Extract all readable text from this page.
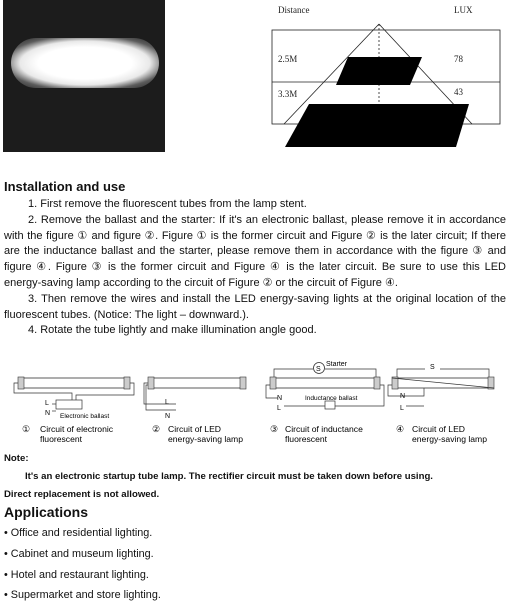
Distance	LUX
2.5M	78
3.3M	43
Installation and use

1. First remove the fluorescent tubes from the lamp stent.

2. Remove the ballast and the starter: If it's an electronic ballast, please remove it in accordance with the figure ① and figure ②. Figure ① is the former circuit and Figure ② is the later circuit; If there are the inductance ballast and the starter, please remove them in accordance with the figure ③ and figure ④. Figure ③ is the former circuit and Figure ④ is the later circuit. Be sure to use this LED energy-saving lamp according to the circuit of Figure ② or the circuit of Figure ④.

3. Then remove the wires and install the LED energy-saving lights at the original location of the fluorescent tubes. (Notice: The light – downward.).

4. Rotate the tube lightly and make illumination angle good.

L
N Electronic ballast
① Circuit of electronic
fluorescent
L
N
② Circuit of LED
energy-saving lamp
S
Starter
N
L
Inductance ballast
③ Circuit of inductance
fluorescent
S
N
L
④ Circuit of LED
energy-saving lamp
Note:
It's an electronic startup tube lamp. The rectifier circuit must be taken down before using.
Direct replacement is not allowed.
Applications
• Office and residential lighting.
• Cabinet and museum lighting.
• Hotel and restaurant lighting.
• Supermarket and store lighting.
